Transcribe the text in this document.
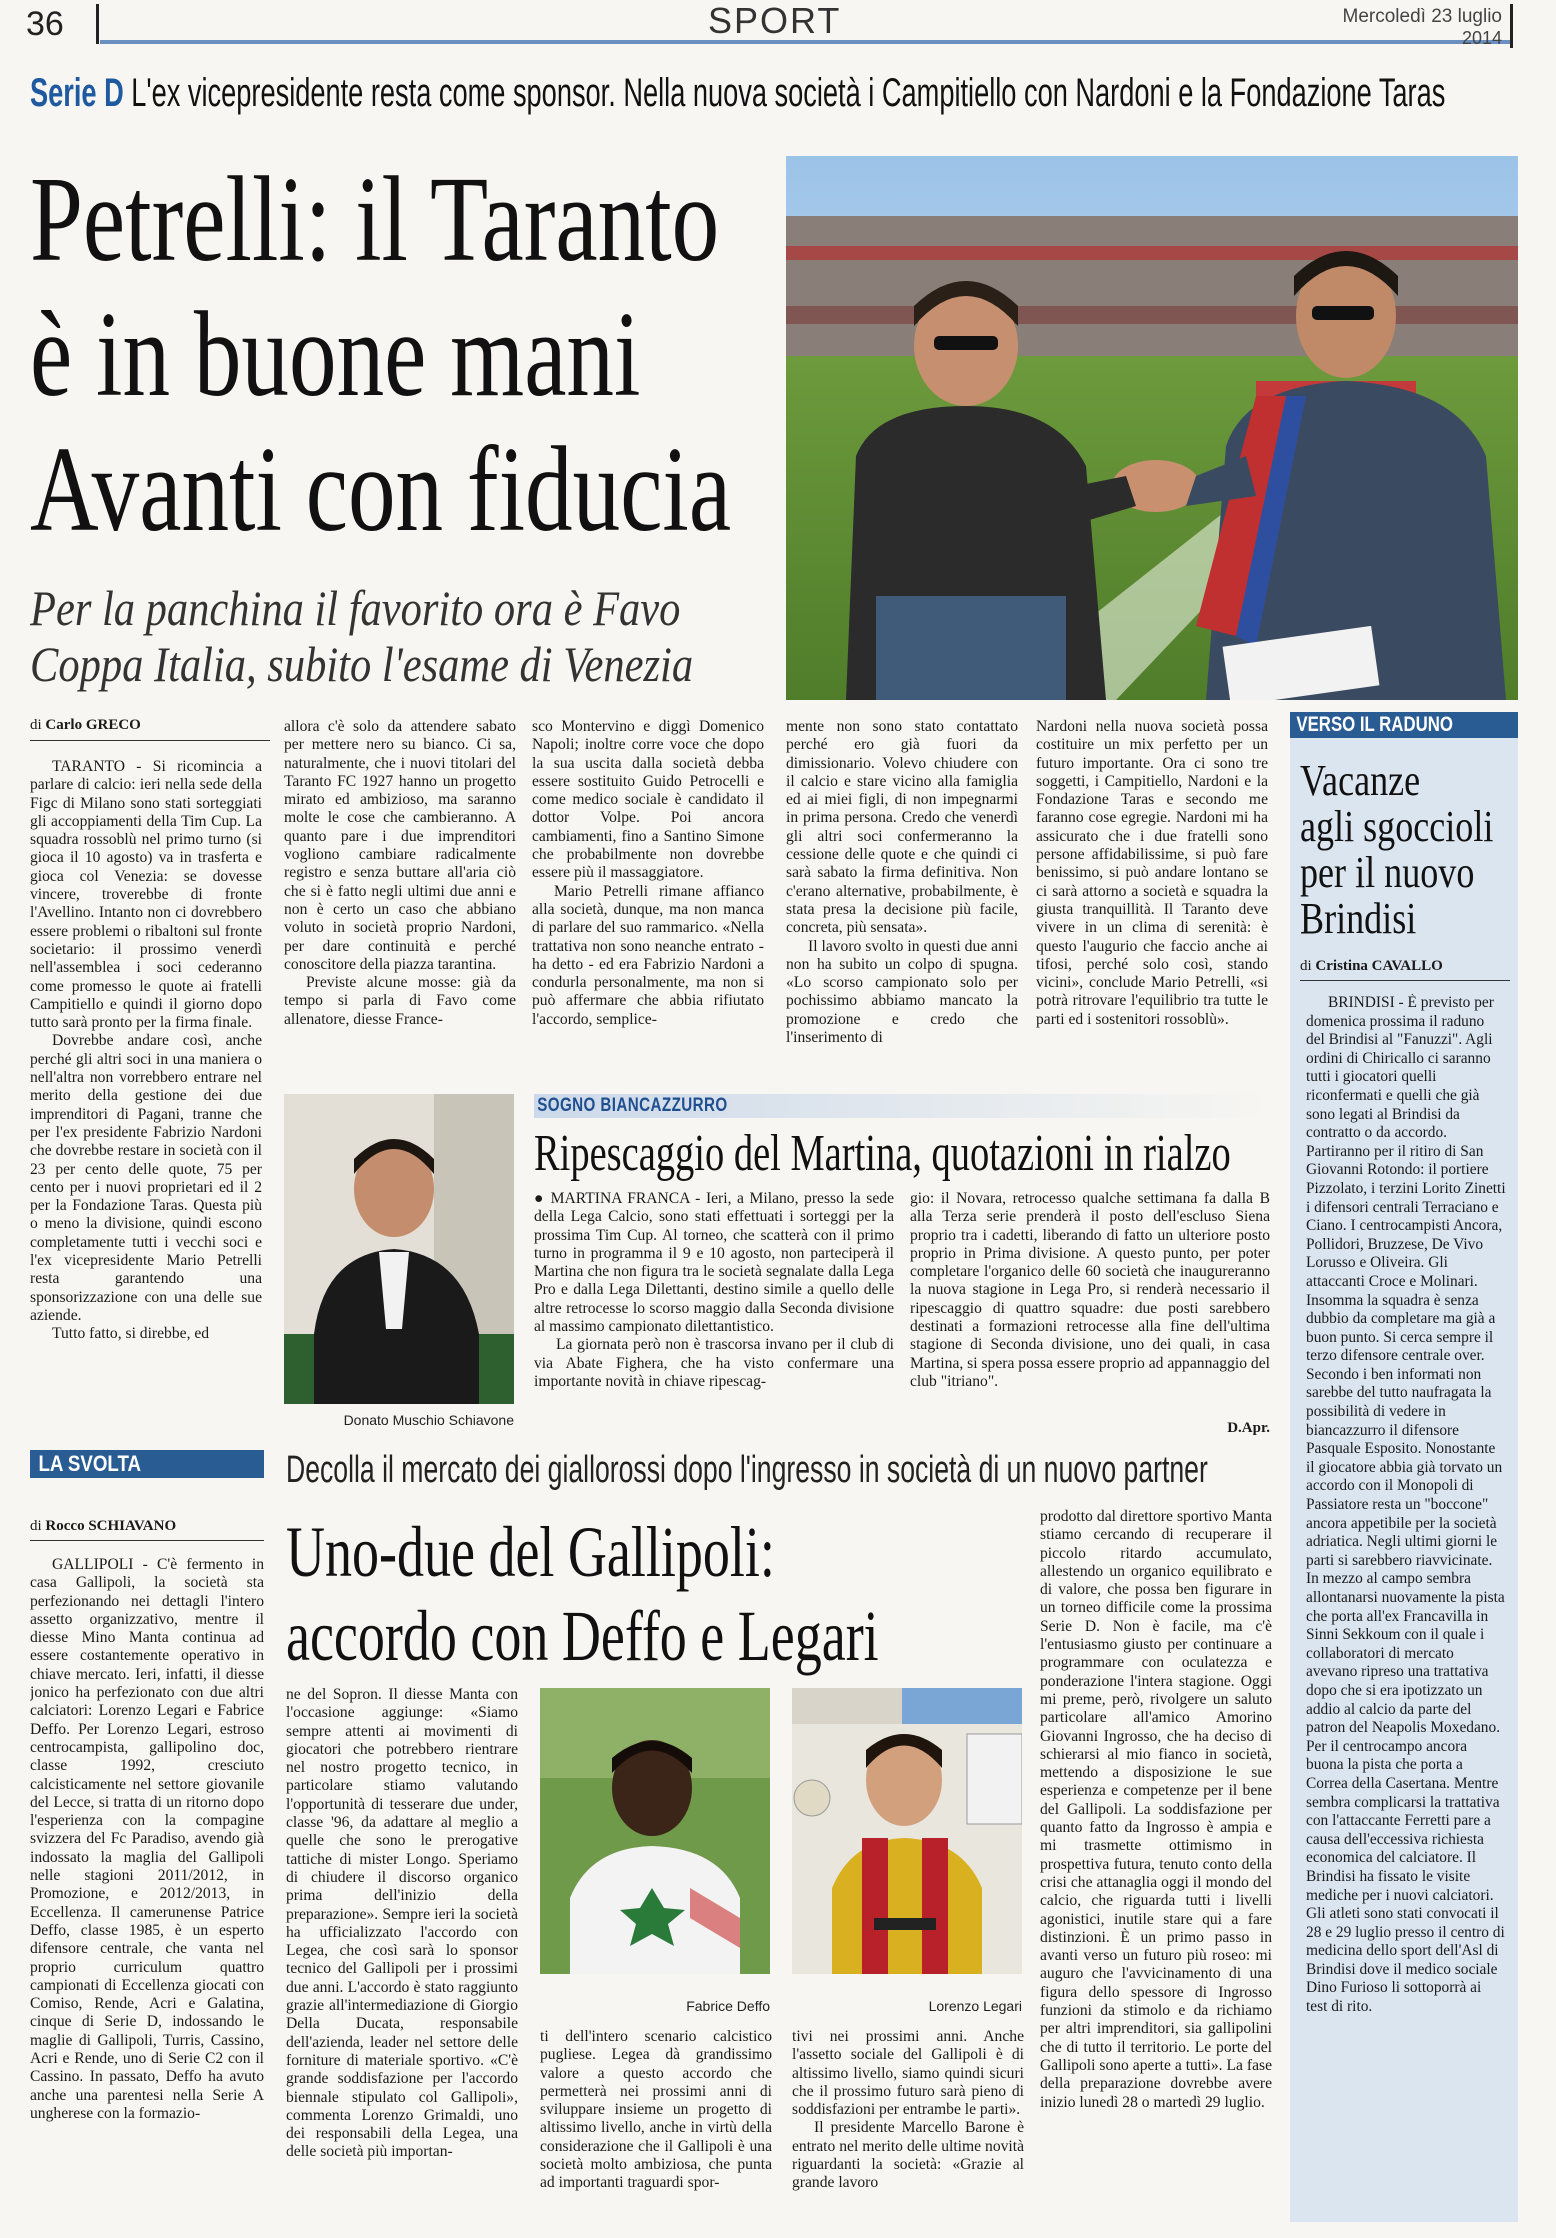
36	SPORT	Mercoledì 23 luglio
2014
Serie D L'ex vicepresidente resta come sponsor. Nella nuova società i Campitiello con Nardoni e la Fondazione Taras
Petrelli: il Taranto
è in buone mani
Avanti con fiducia
Per la panchina il favorito ora è Favo
Coppa Italia, subito l'esame di Venezia
di Carlo GRECO

TARANTO - Si ricomincia a parlare di calcio: ieri nella sede della Figc di Milano sono stati sorteggiati gli accoppiamenti della Tim Cup. La squadra rossoblù nel primo turno (si gioca il 10 agosto) va in trasferta e gioca col Venezia: se dovesse vincere, troverebbe di fronte l'Avellino. Intanto non ci dovrebbero essere problemi o ribaltoni sul fronte societario: il prossimo venerdì nell'assemblea i soci cederanno come promesso le quote ai fratelli Campitiello e quindi il giorno dopo tutto sarà pronto per la firma finale.

Dovrebbe andare così, anche perché gli altri soci in una maniera o nell'altra non vorrebbero entrare nel merito della gestione dei due imprenditori di Pagani, tranne che per l'ex presidente Fabrizio Nardoni che dovrebbe restare in società con il 23 per cento delle quote, 75 per cento per i nuovi proprietari ed il 2 per la Fondazione Taras. Questa più o meno la divisione, quindi escono completamente tutti i vecchi soci e l'ex vicepresidente Mario Petrelli resta garantendo una sponsorizzazione con una delle sue aziende.

Tutto fatto, si direbbe, ed

allora c'è solo da attendere sabato per mettere nero su bianco. Ci sa, naturalmente, che i nuovi titolari del Taranto FC 1927 hanno un progetto mirato ed ambizioso, ma saranno molte le cose che cambieranno. A quanto pare i due imprenditori vogliono cambiare radicalmente registro e senza buttare all'aria ciò che si è fatto negli ultimi due anni e non è certo un caso che abbiano voluto in società proprio Nardoni, per dare continuità e perché conoscitore della piazza tarantina.

Previste alcune mosse: già da tempo si parla di Favo come allenatore, diesse France-

Donato Muschio Schiavone

sco Montervino e diggì Domenico Napoli; inoltre corre voce che dopo la sua uscita dalla società debba essere sostituito Guido Petrocelli e come medico sociale è candidato il dottor Volpe. Poi ancora cambiamenti, fino a Santino Simone che probabilmente non dovrebbe essere più il massaggiatore.

Mario Petrelli rimane affianco alla società, dunque, ma non manca di parlare del suo rammarico. «Nella trattativa non sono neanche entrato - ha detto - ed era Fabrizio Nardoni a condurla personalmente, ma non si può affermare che abbia rifiutato l'accordo, semplice-

mente non sono stato contattato perché ero già fuori da dimissionario. Volevo chiudere con il calcio e stare vicino alla famiglia ed ai miei figli, di non impegnarmi in prima persona. Credo che venerdì gli altri soci confermeranno la cessione delle quote e che quindi ci sarà sabato la firma definitiva. Non c'erano alternative, probabilmente, è stata presa la decisione più facile, concreta, più sensata».

Il lavoro svolto in questi due anni non ha subito un colpo di spugna. «Lo scorso campionato solo per pochissimo abbiamo mancato la promozione e credo che l'inserimento di

Nardoni nella nuova società possa costituire un mix perfetto per un futuro importante. Ora ci sono tre soggetti, i Campitiello, Nardoni e la Fondazione Taras e secondo me faranno cose egregie. Nardoni mi ha assicurato che i due fratelli sono persone affidabilissime, si può fare benissimo, si può andare lontano se ci sarà attorno a società e squadra la giusta tranquillità. Il Taranto deve vivere in un clima di serenità: è questo l'augurio che faccio anche ai tifosi, perché solo così, stando vicini», conclude Mario Petrelli, «si potrà ritrovare l'equilibrio tra tutte le parti ed i sostenitori rossoblù».

SOGNO BIANCAZZURRO
Ripescaggio del Martina, quotazioni in rialzo

● MARTINA FRANCA - Ieri, a Milano, presso la sede della Lega Calcio, sono stati effettuati i sorteggi per la prossima Tim Cup. Al torneo, che scatterà con il primo turno in programma il 9 e 10 agosto, non parteciperà il Martina che non figura tra le società segnalate dalla Lega Pro e dalla Lega Dilettanti, destino simile a quello delle altre retrocesse lo scorso maggio dalla Seconda divisione al massimo campionato dilettantistico.

La giornata però non è trascorsa invano per il club di via Abate Fighera, che ha visto confermare una importante novità in chiave ripescag-

gio: il Novara, retrocesso qualche settimana fa dalla B alla Terza serie prenderà il posto dell'escluso Siena proprio tra i cadetti, liberando di fatto un ulteriore posto proprio in Prima divisione. A questo punto, per poter completare l'organico delle 60 società che inaugureranno la nuova stagione in Lega Pro, si renderà necessario il ripescaggio di quattro squadre: due posti sarebbero destinati a formazioni retrocesse alla fine dell'ultima stagione di Seconda divisione, uno dei quali, in casa Martina, si spera possa essere proprio ad appannaggio del club "itriano".

D.Apr.
VERSO IL RADUNO
Vacanze
agli sgoccioli
per il nuovo
Brindisi
di Cristina CAVALLO

BRINDISI - È previsto per domenica prossima il raduno del Brindisi al "Fanuzzi". Agli ordini di Chiricallo ci saranno tutti i giocatori quelli riconfermati e quelli che già sono legati al Brindisi da contratto o da accordo. Partiranno per il ritiro di San Giovanni Rotondo: il portiere Pizzolato, i terzini Lorito Zinetti i difensori centrali Terraciano e Ciano. I centrocampisti Ancora, Pollidori, Bruzzese, De Vivo Lorusso e Oliveira. Gli attaccanti Croce e Molinari. Insomma la squadra è senza dubbio da completare ma già a buon punto. Si cerca sempre il terzo difensore centrale over. Secondo i ben informati non sarebbe del tutto naufragata la possibilità di vedere in biancazzurro il difensore Pasquale Esposito. Nonostante il giocatore abbia già torvato un accordo con il Monopoli di Passiatore resta un "boccone" ancora appetibile per la società adriatica. Negli ultimi giorni le parti si sarebbero riavvicinate. In mezzo al campo sembra allontanarsi nuovamente la pista che porta all'ex Francavilla in Sinni Sekkoum con il quale i collaboratori di mercato avevano ripreso una trattativa dopo che si era ipotizzato un addio al calcio da parte del patron del Neapolis Moxedano. Per il centrocampo ancora buona la pista che porta a Correa della Casertana. Mentre sembra complicarsi la trattativa con l'attaccante Ferretti pare a causa dell'eccessiva richiesta economica del calciatore. Il Brindisi ha fissato le visite mediche per i nuovi calciatori. Gli atleti sono stati convocati il 28 e 29 luglio presso il centro di medicina dello sport dell'Asl di Brindisi dove il medico sociale Dino Furioso li sottoporrà ai test di rito.

LA SVOLTA	Decolla il mercato dei giallorossi dopo l'ingresso in società di un nuovo partner
Uno-due del Gallipoli:
accordo con Deffo e Legari
di Rocco SCHIAVANO

GALLIPOLI - C'è fermento in casa Gallipoli, la società sta perfezionando nei dettagli l'intero assetto organizzativo, mentre il diesse Mino Manta continua ad essere costantemente operativo in chiave mercato. Ieri, infatti, il diesse jonico ha perfezionato con due altri calciatori: Lorenzo Legari e Fabrice Deffo. Per Lorenzo Legari, estroso centrocampista, gallipolino doc, classe 1992, cresciuto calcisticamente nel settore giovanile del Lecce, si tratta di un ritorno dopo l'esperienza con la compagine svizzera del Fc Paradiso, avendo già indossato la maglia del Gallipoli nelle stagioni 2011/2012, in Promozione, e 2012/2013, in Eccellenza. Il camerunense Patrice Deffo, classe 1985, è un esperto difensore centrale, che vanta nel proprio curriculum quattro campionati di Eccellenza giocati con Comiso, Rende, Acri e Galatina, cinque di Serie D, indossando le maglie di Gallipoli, Turris, Cassino, Acri e Rende, uno di Serie C2 con il Cassino. In passato, Deffo ha avuto anche una parentesi nella Serie A ungherese con la formazio-

ne del Sopron. Il diesse Manta con l'occasione aggiunge: «Siamo sempre attenti ai movimenti di giocatori che potrebbero rientrare nel nostro progetto tecnico, in particolare stiamo valutando l'opportunità di tesserare due under, classe '96, da adattare al meglio a quelle che sono le prerogative tattiche di mister Longo. Speriamo di chiudere il discorso organico prima dell'inizio della preparazione». Sempre ieri la società ha ufficializzato l'accordo con Legea, che così sarà lo sponsor tecnico del Gallipoli per i prossimi due anni. L'accordo è stato raggiunto grazie all'intermediazione di Giorgio Della Ducata, responsabile dell'azienda, leader nel settore delle forniture di materiale sportivo. «C'è grande soddisfazione per l'accordo biennale stipulato col Gallipoli», commenta Lorenzo Grimaldi, uno dei responsabili della Legea, una delle società più importan-

Fabrice Deffo	Lorenzo Legari

ti dell'intero scenario calcistico pugliese. Legea dà grandissimo valore a questo accordo che permetterà nei prossimi anni di sviluppare insieme un progetto di altissimo livello, anche in virtù della considerazione che il Gallipoli è una società molto ambiziosa, che punta ad importanti traguardi spor-

tivi nei prossimi anni. Anche l'assetto sociale del Gallipoli è di altissimo livello, siamo quindi sicuri che il prossimo futuro sarà pieno di soddisfazioni per entrambe le parti».

Il presidente Marcello Barone è entrato nel merito delle ultime novità riguardanti la società: «Grazie al grande lavoro

prodotto dal direttore sportivo Manta stiamo cercando di recuperare il piccolo ritardo accumulato, allestendo un organico equilibrato e di valore, che possa ben figurare in un torneo difficile come la prossima Serie D. Non è facile, ma c'è l'entusiasmo giusto per continuare a programmare con oculatezza e ponderazione l'intera stagione. Oggi mi preme, però, rivolgere un saluto particolare all'amico Amorino Giovanni Ingrosso, che ha deciso di schierarsi al mio fianco in società, mettendo a disposizione le sue esperienza e competenze per il bene del Gallipoli. La soddisfazione per quanto fatto da Ingrosso è ampia e mi trasmette ottimismo in prospettiva futura, tenuto conto della crisi che attanaglia oggi il mondo del calcio, che riguarda tutti i livelli agonistici, inutile stare qui a fare distinzioni. È un primo passo in avanti verso un futuro più roseo: mi auguro che l'avvicinamento di una figura dello spessore di Ingrosso funzioni da stimolo e da richiamo per altri imprenditori, sia gallipolini che di tutto il territorio. Le porte del Gallipoli sono aperte a tutti». La fase della preparazione dovrebbe avere inizio lunedì 28 o martedì 29 luglio.
